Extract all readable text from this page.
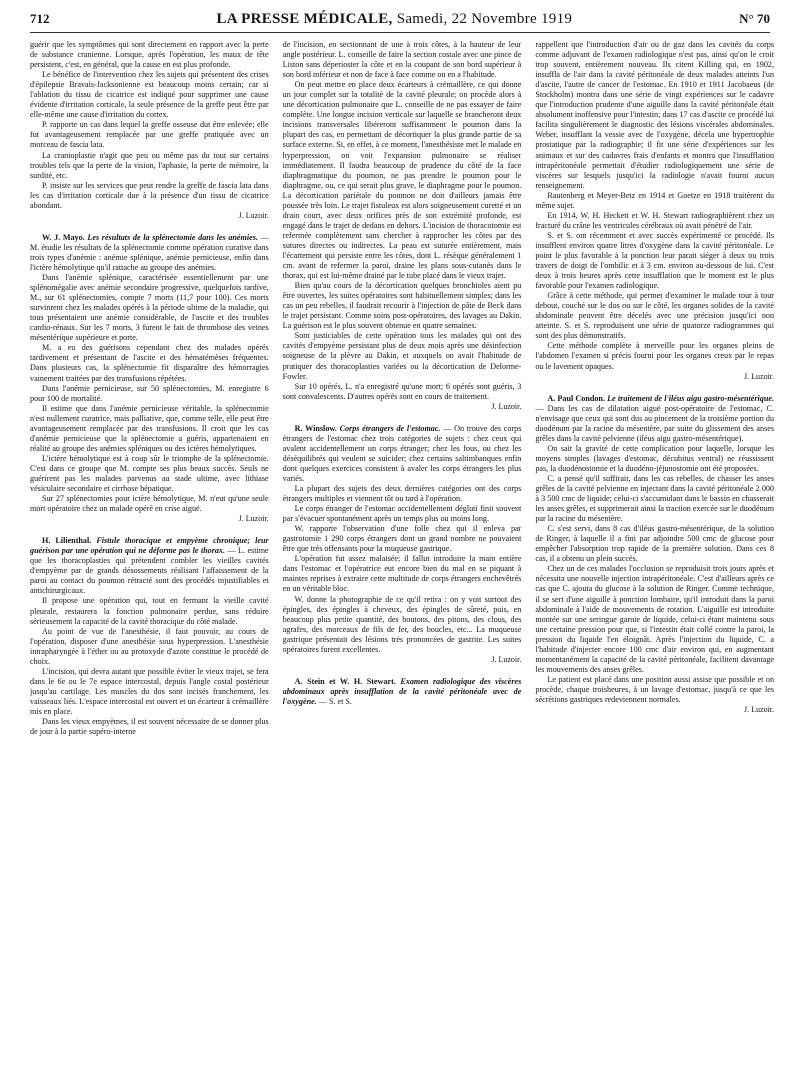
712	LA PRESSE MÉDICALE, Samedi, 22 Novembre 1919	N° 70

guérir que les symptômes qui sont directement en rapport avec la perte de substance cranienne. Lorsque, après l'opération, les maux de tête persistent, c'est, en général, que la cause en est plus profonde.

Le bénéfice de l'intervention chez les sujets qui présentent des crises d'épilepsie Bravais-Jacksonienne est beaucoup moins certain; car si l'ablation du tissu de cicatrice est indiqué pour supprimer une cause évidente d'irritation corticale, la seule présence de la greffe peut être par elle-même une cause d'irritation du cortex.

P. rapporte un cas dans lequel la greffe osseuse dut être enlevée; elle fut avantageusement remplacée par une greffe pratiquée avec un morceau de fascia lata.

La cranioplastie n'agit que peu ou même pas du tout sur certains troubles tels que la perte de la vision, l'aphasie, la perte de mémoire, la surdité, etc.

P. insiste sur les services que peut rendre la greffe de fascia lata dans les cas d'irritation corticale due à la présence d'un tissu de cicatrice abondant.

J. Luzoir.

W. J. Mayo. Les résultats de la splénectomie dans les anémies. — M. étudie les résultats de la splénectomie comme opération curative dans trois types d'anémie : anémie splénique, anémie pernicieuse, enfin dans l'ictère hémolytique qu'il rattache au groupe des anémies.

Dans l'anémie splénique, caractérisée essentiellement par une splénomégalie avec anémie secondaire progressive, quelquefois tardive, M., sur 61 splénectomies, compte 7 morts (11,7 pour 100). Ces morts survinrent chez les malades opérés à la période ultime de la maladie, qui tous présentaient une anémie considérable, de l'ascite et des troubles cardio-rénaux. Sur les 7 morts, 3 furent le fait de thrombose des veines mésentérique supérieure et porte.

M. a eu des guérisons cependant chez des malades opérés tardivement et présentant de l'ascite et des hématémèses fréquentes. Dans plusieurs cas, la splénectomie fit disparaître des hémorragies vainement traitées par des transfusions répétées.

Dans l'anémie pernicieuse, sur 50 splénectomies, M. enregistre 6 pour 100 de mortalité.

Il estime que dans l'anémie pernicieuse véritable, la splénectomie n'est nullement curatrice, mais palliative, que, comme telle, elle peut être avantageusement remplacée par des transfusions. Il croit que les cas d'anémie pernicieuse que la splénectomie a guéris, appartenaient en réalité au groupe des anémies spléniques ou des ictères hémolytiques.

L'ictère hémolytique est à coup sûr le triomphe de la splénectomie. C'est dans ce groupe que M. compte ses plus beaux succès. Seuls ne guérirent pas les malades parvenus au stade ultime, avec lithiase vésiculaire secondaire et cirrhose hépatique.

Sur 27 splénectomies pour ictère hémolytique, M. n'eut qu'une seule mort opératoire chez un malade opéré en crise aiguë.

J. Luzoir.

H. Lilienthal. Fistule thoracique et empyème chronique; leur guérison par une opération qui ne déforme pas le thorax. — L. estime que les thoracoplasties qui prétendent combler les vieilles cavités d'empyème par de grands désossements réalisant l'affaissement de la paroi au contact du poumon rétracté sont des procédés injustifiables et antichirurgicaux.

Il propose une opération qui, tout en fermant la vieille cavité pleurale, restaurera la fonction pulmonaire perdue, sans réduire sérieusement la capacité de la cavité thoracique du côté malade.

Au point de vue de l'anesthésie, il faut pouvoir, au cours de l'opération, disposer d'une anesthésie sous hyperpression. L'anesthésie intrapharyngée à l'éther ou au protoxyde d'azote constitue le procédé de choix.

L'incision, qui devra autant que possible éviter le vieux trajet, se fera dans le 6e ou le 7e espace intercostal, depuis l'angle costal postérieur jusqu'au cartilage. Les muscles du dos sont incisés franchement, les vaisseaux liés. L'espace intercostal est ouvert et un écarteur à crémaillère mis en place.

Dans les vieux empyèmes, il est souvent nécessaire de se donner plus de jour à la partie supéro-interne

de l'incision, en sectionnant de une à trois côtes, à la hauteur de leur angle postérieur. L. conseille de faire la section costale avec une pince de Liston sans déperioster la côte et en la coupant de son bord supérieur à son bord inférieur et non de face à face comme on en a l'habitude.

On peut mettre en place deux écarteurs à crémaillère, ce qui donne un jour complet sur la totalité de la cavité pleurale; on procède alors à une décortication pulmonaire que L. conseille de ne pas essayer de faire complète. Une longue incision verticale sur laquelle se brancheront deux incisions transversales libéreront suffisamment le poumon dans la plupart des cas, en permettant de décortiquer la plus grande partie de sa surface externe. Si, en effet, à ce moment, l'anesthésiste met le malade en hyperpression, on voit l'expansion pulmonaire se réaliser immédiatement. Il faudra beaucoup de prudence du côté de la face diaphragmatique du poumon, ne pas prendre le poumon pour le diaphragme, ou, ce qui serait plus grave, le diaphragme pour le poumon. La décortication pariétale du poumon ne doit d'ailleurs jamais être poussée très loin. Le trajet fistuleux est alors soigneusement curetté et un drain court, avec deux orifices près de son extrémité profonde, est engagé dans le trajet de dedans en dehors. L'incision de thoracotomie est refermée complètement sans chercher à rapprocher les côtes par des sutures directes ou indirectes. La peau est suturée entièrement, mais l'écartement qui persiste entre les côtes, dont L. résèque généralement 1 cm. avant de refermer la paroi, draine les plans sous-cutanés dans le thorax, qui est lui-même drainé par le tube placé dans le vieux trajet.

Bien qu'au cours de la décortication quelques bronchioles aient pu être ouvertes, les suites opératoires sont habituellement simples; dans les cas un peu rebelles, il faudrait recourir à l'injection de pâte de Beck dans le trajet persistant. Comme soins post-opératoires, des lavages au Dakin. La guérison est le plus souvent obtenue en quatre semaines.

Sont justiciables de cette opération tous les malades qui ont des cavités d'empyème persistant plus de deux mois après une désinfection soigneuse de la plèvre au Dakin, et auxquels on avait l'habitude de pratiquer des thoracoplasties variées ou la décortication de Delorme-Fowler.

Sur 10 opérés, L. n'a enregistré qu'une mort; 6 opérés sont guéris, 3 sont convalescents. D'autres opérés sont en cours de traitement.

J. Luzoir.

R. Winslow. Corps étrangers de l'estomac. — On trouve des corps étrangers de l'estomac chez trois catégories de sujets : chez ceux qui avalent accidentellement un corps étranger; chez les fous, ou chez les déséquilibrés qui veulent se suicider; chez certains saltimbanques enfin dont quelques exercices consistent à avaler les corps étrangers les plus variés.

La plupart des sujets des deux dernières catégories ont des corps étrangers multiples et viennent tôt ou tard à l'opération.

Le corps étranger de l'estomac accidentellement dégluti finit souvent par s'évacuer spontanément après un temps plus ou moins long.

W. rapporte l'observation d'une folle chez qui il enleva par gastrotomie 1 290 corps étrangers dont un grand nombre ne pouvaient être que très offensants pour la muqueuse gastrique.

L'opération fut assez malaisée; il fallut introduire la main entière dans l'estomac et l'opératrice eut encore bien du mal en se piquant à maintes reprises à extraire cette multitude de corps étrangers enchevêtrés en un véritable bloc.

W. donne la photographie de ce qu'il retira : on y voit surtout des épingles, des épingles à cheveux, des épingles de sûreté, puis, en beaucoup plus petite quantité, des boutons, des pitons, des clous, des agrafes, des morceaux de fils de fer, des boucles, etc... La muqueuse gastrique présentait des lésions très prononcées de gastrite. Les suites opératoires furent excellentes.

J. Luzoir.

A. Stein et W. H. Stewart. Examen radiologique des viscères abdominaux après insufflation de la cavité péritonéale avec de l'oxygène. — S. et S.

rappellent que l'introduction d'air ou de gaz dans les cavités du corps comme adjuvant de l'examen radiologique n'est pas, ainsi qu'on le croit trop souvent, entièrement nouveau. Ils citent Killing qui, en 1902, insuffla de l'air dans la cavité péritonéale de deux malades atteints l'un d'ascite, l'autre de cancer de l'estomac. En 1910 et 1911 Jacobaeus (de Stockholm) montra dans une série de vingt expériences sur le cadavre que l'introduction prudente d'une aiguille dans la cavité péritonéale était absolument inoffensive pour l'intestin; dans 17 cas d'ascite ce procédé lui facilita singulièrement le diagnostic des lésions viscérales abdominales. Weber, insufflant la vessie avec de l'oxygène, décela une hypertrophie prostatique par la radiographie; il fit une série d'expériences sur les animaux et sur des cadavres frais d'enfants et montra que l'insufflation intrapéritonéale permettait d'étudier radiologiquement une série de viscères sur lesquels jusqu'ici la radiologie n'avait fourni aucun renseignement.

Rautenberg et Meyer-Betz en 1914 et Goetze en 1918 traitèrent du même sujet.

En 1914, W. H. Heckett et W. H. Stewart radiographièrent chez un fracturé du crâne les ventricules cérébraux où avait pénétré de l'air.

S. et S. ont récemment et avec succès expérimenté ce procédé. Ils insufflent environ quatre litres d'oxygène dans la cavité péritonéale. Le point le plus favorable à la ponction leur parait siéger à deux ou trois travers de doigt de l'ombilic et à 3 cm. environ au-dessous de lui. C'est deux à trois heures après cette insufflation que le moment est le plus favorable pour l'examen radiologique.

Grâce à cette méthode, qui permet d'examiner le malade tour à tour debout, couché sur le dos ou sur le côté, les organes solides de la cavité abdominale peuvent être décelés avec une précision jusqu'ici non atteinte. S. et S. reproduisent une série de quatorze radiogrammes qui sont des plus démonstratifs.

Cette méthode complète à merveille pour les organes pleins de l'abdomen l'examen si précis fourni pour les organes creux par le repas ou le lavement opaques.

J. Luzoir.

A. Paul Condon. Le traitement de l'iléus aigu gastro-mésentérique. — Dans les cas de dilatation aiguë post-opératoire de l'estomac, C. n'envisage que ceux qui sont dus au pincement de la troisième portion du duodénum par la racine du mésentère, par suite du glissement des anses grêles dans la cavité pelvienne (iléus aigu gastro-mésentérique).

On sait la gravité de cette complication pour laquelle, lorsque les moyens simples (lavages d'estomac, décubitus ventral) ne réussissent pas, la duodénostomie et la duodéno-jéjunostomie ont été proposées.

C. a pensé qu'il suffirait, dans les cas rebelles, de chasser les anses grêles de la cavité pelvienne en injectant dans la cavité péritonéale 2 000 à 3 500 cmc de liquide; celui-ci s'accumulant dans le bassin en chasserait les anses grêles, et supprimerait ainsi la traction exercée sur le duodénum par la racine du mésentère.

C. s'est servi, dans 8 cas d'iléus gastro-mésentérique, de la solution de Ringer, à laquelle il a fini par adjoindre 500 cmc de glucose pour empêcher l'absorption trop rapide de la première solution. Dans ces 8 cas, il a obtenu un plein succès.

Chez un de ces malades l'occlusion se reproduisit trois jours après et nécessita une nouvelle injection intrapéritonéale. C'est d'ailleurs après ce cas que C. ajouta du glucose à la solution de Ringer. Comme technique, il se sert d'une aiguille à ponction lombaire, qu'il introduit dans la paroi abdominale à l'aide de mouvements de rotation. L'aiguille est introduite montée sur une seringue garnie de liquide, celui-ci étant maintenu sous une certaine pression pour que, si l'intestin était collé contre la paroi, la pression du liquide l'en éloignât. Après l'injection du liquide, C. a l'habitude d'injecter encore 100 cmc d'air environ qui, en augmentant momentanément la capacité de la cavité péritonéale, facilitent davantage les mouvements des anses grêles.

Le patient est placé dans une position aussi assise que possible et on procède, chaque troisheures, à un lavage d'estomac, jusqu'à ce que les sécrétions gastriques redeviennent normales.

J. Luzoir.
